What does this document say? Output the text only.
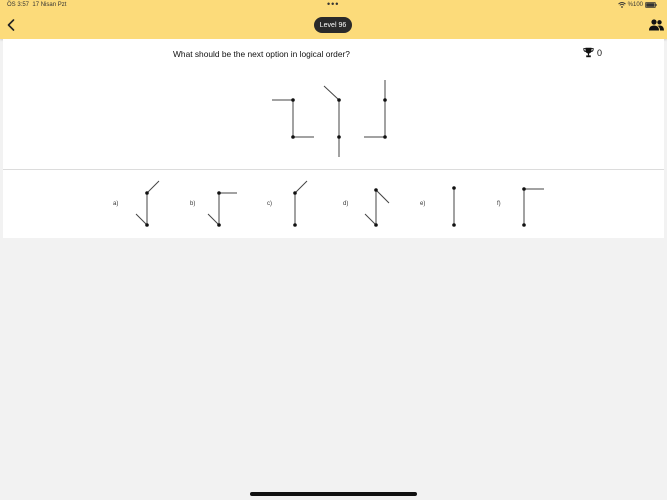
ÖS 3:57 17 Nisan Pzt	•••	%100
Level 96
What should be the next option in logical order?	0
a)	b)	c)	d)	e)	f)
